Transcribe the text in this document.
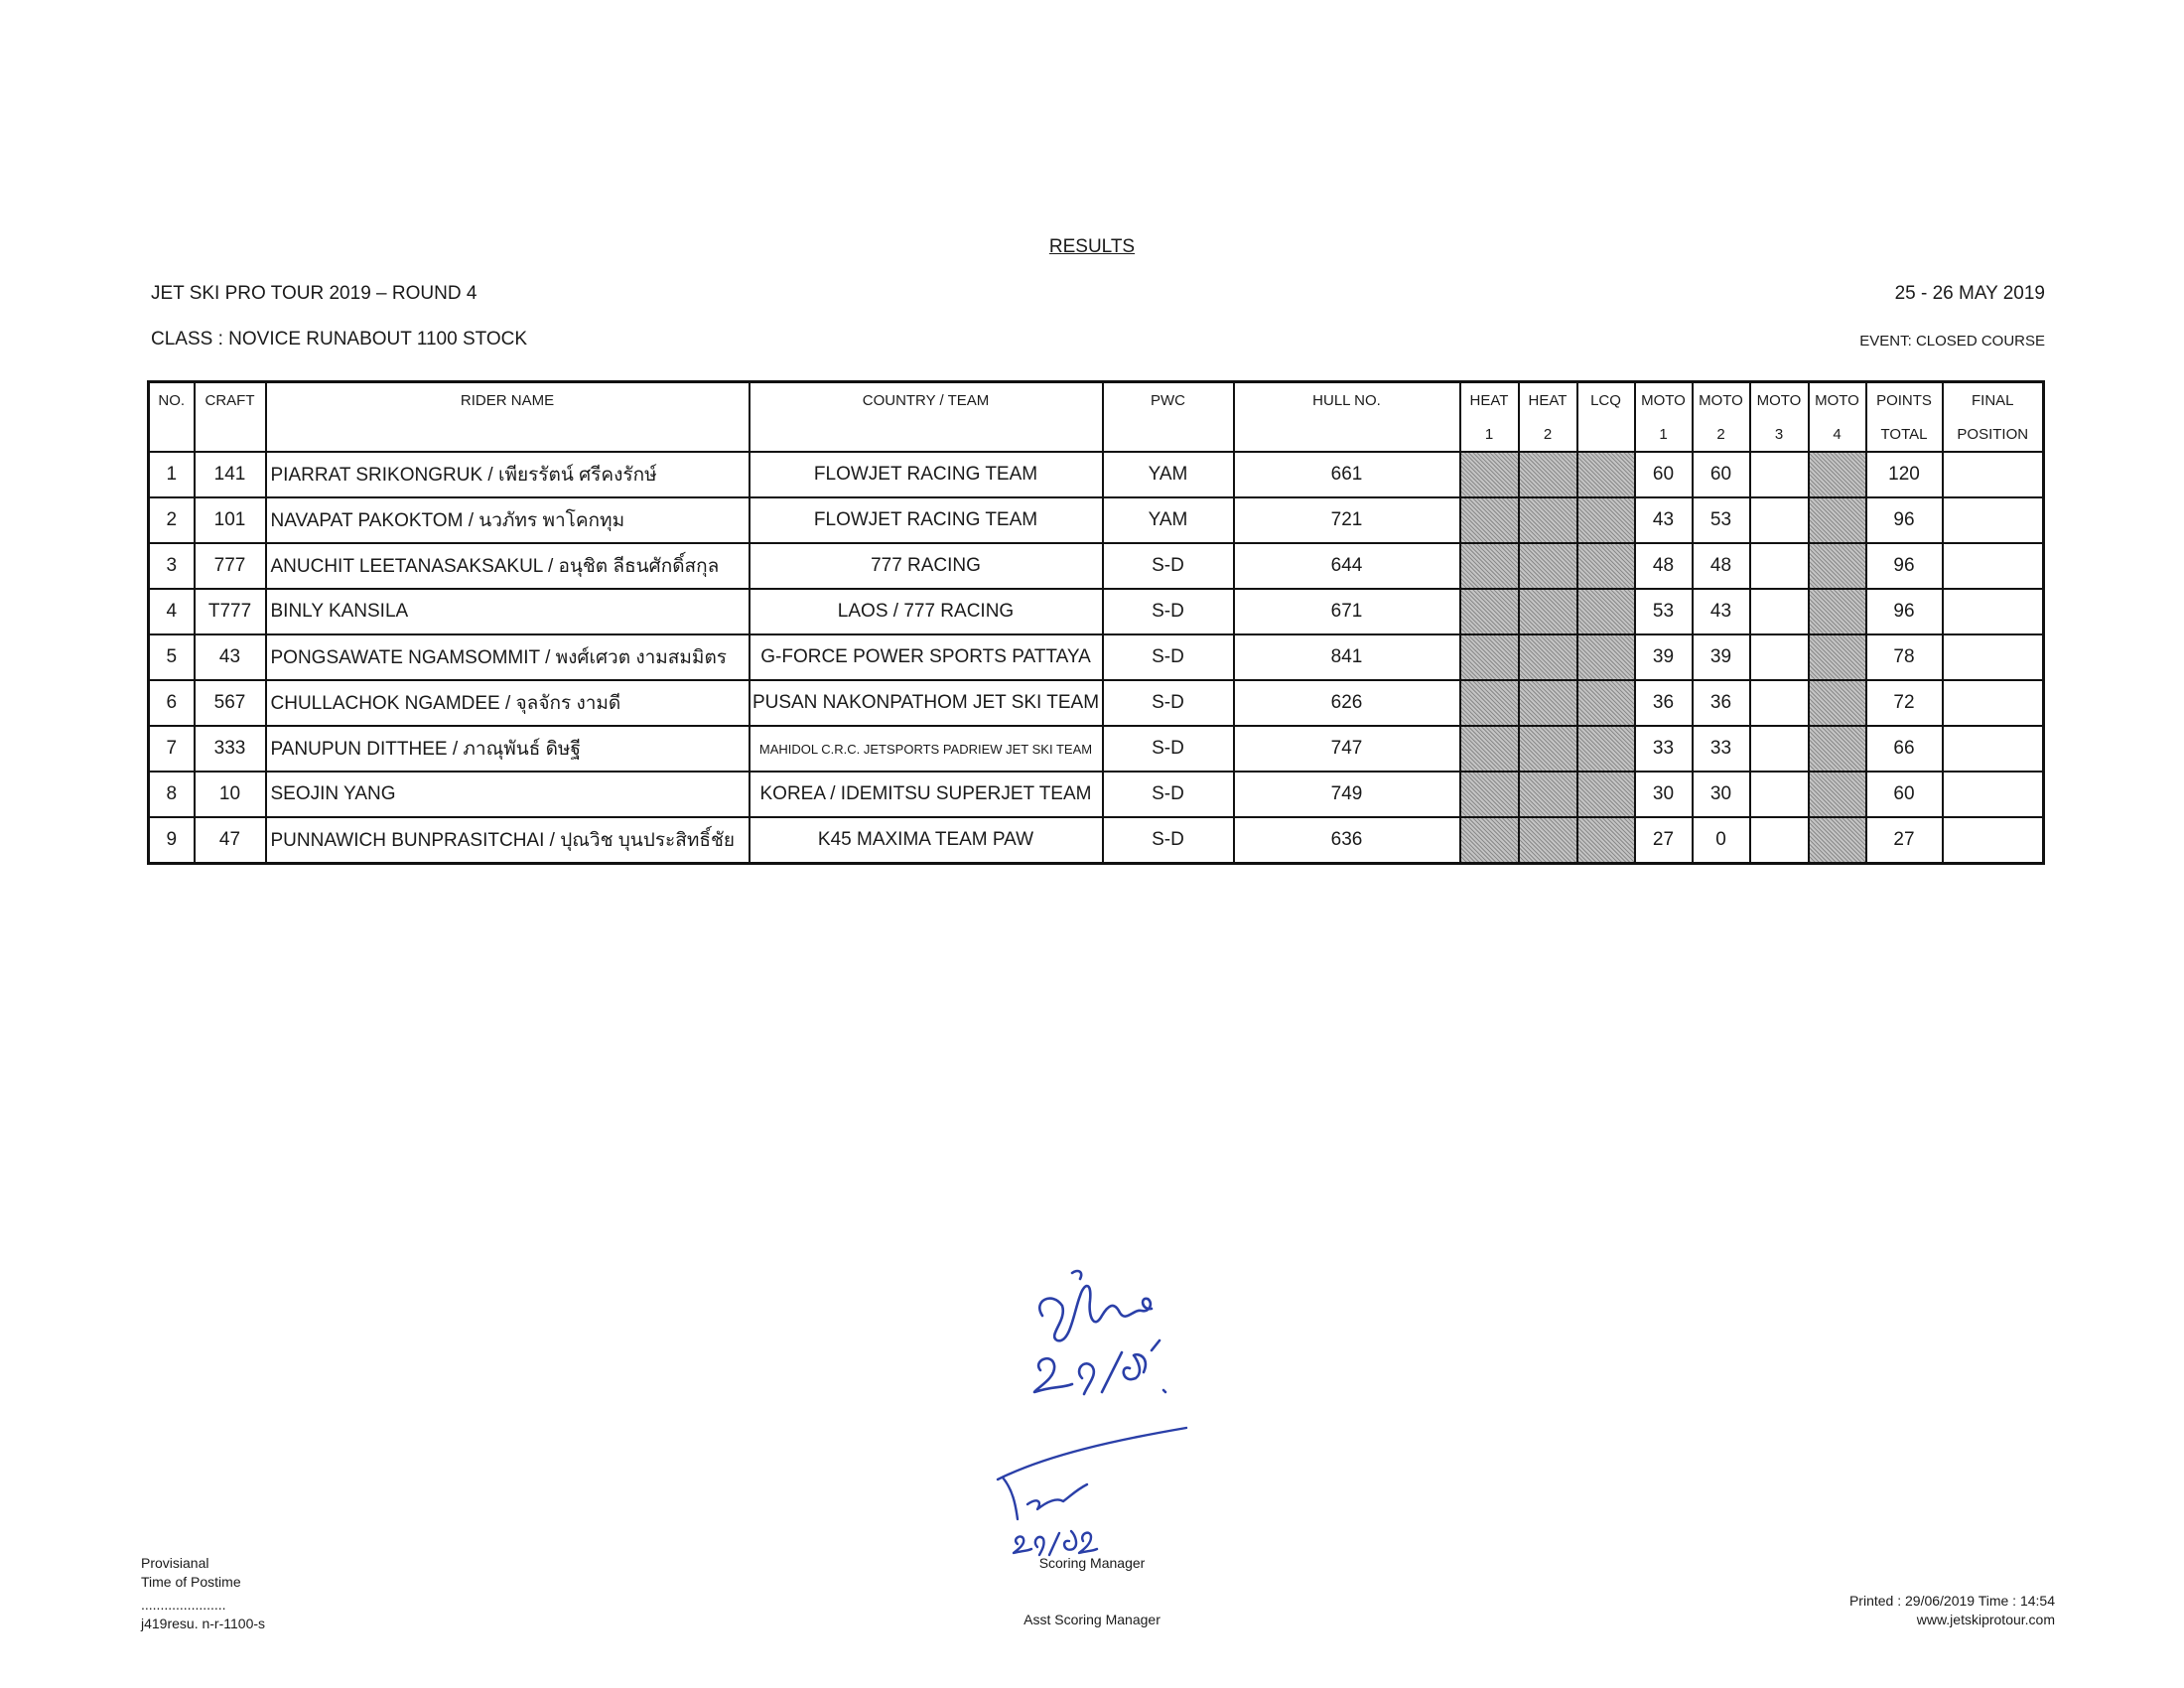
RESULTS
JET SKI PRO TOUR 2019 – ROUND 4	25 - 26 MAY 2019
CLASS : NOVICE RUNABOUT 1100 STOCK	EVENT: CLOSED COURSE
NO.	CRAFT	RIDER NAME	COUNTRY / TEAM	PWC	HULL NO.	HEAT	HEAT	LCQ	MOTO	MOTO	MOTO	MOTO	POINTS	FINAL
						1	2		1	2	3	4	TOTAL	POSITION
1	141	PIARRAT SRIKONGRUK / เพียรรัตน์ ศรีคงรักษ์	FLOWJET RACING TEAM	YAM	661				60	60			120	
2	101	NAVAPAT PAKOKTOM / นวภัทร พาโคกทุม	FLOWJET RACING TEAM	YAM	721				43	53			96	
3	777	ANUCHIT LEETANASAKSAKUL / อนุชิต ลีธนศักดิ์สกุล	777 RACING	S-D	644				48	48			96	
4	T777	BINLY KANSILA	LAOS / 777 RACING	S-D	671				53	43			96	
5	43	PONGSAWATE NGAMSOMMIT / พงศ์เศวต งามสมมิตร	G-FORCE POWER SPORTS PATTAYA	S-D	841				39	39			78	
6	567	CHULLACHOK NGAMDEE / จุลจักร งามดี	PUSAN NAKONPATHOM JET SKI TEAM	S-D	626				36	36			72	
7	333	PANUPUN DITTHEE / ภาณุพันธ์ ดิษฐี	MAHIDOL C.R.C. JETSPORTS PADRIEW JET SKI TEAM	S-D	747				33	33			66	
8	10	SEOJIN YANG	KOREA / IDEMITSU SUPERJET TEAM	S-D	749				30	30			60	
9	47	PUNNAWICH BUNPRASITCHAI / ปุณวิช บุนประสิทธิ์ชัย	K45 MAXIMA TEAM PAW	S-D	636				27	0			27	
Provisianal
Time of Postime
......................
j419resu. n-r-1100-s
Scoring Manager
Asst Scoring Manager
Printed : 29/06/2019 Time : 14:54
www.jetskiprotour.com
